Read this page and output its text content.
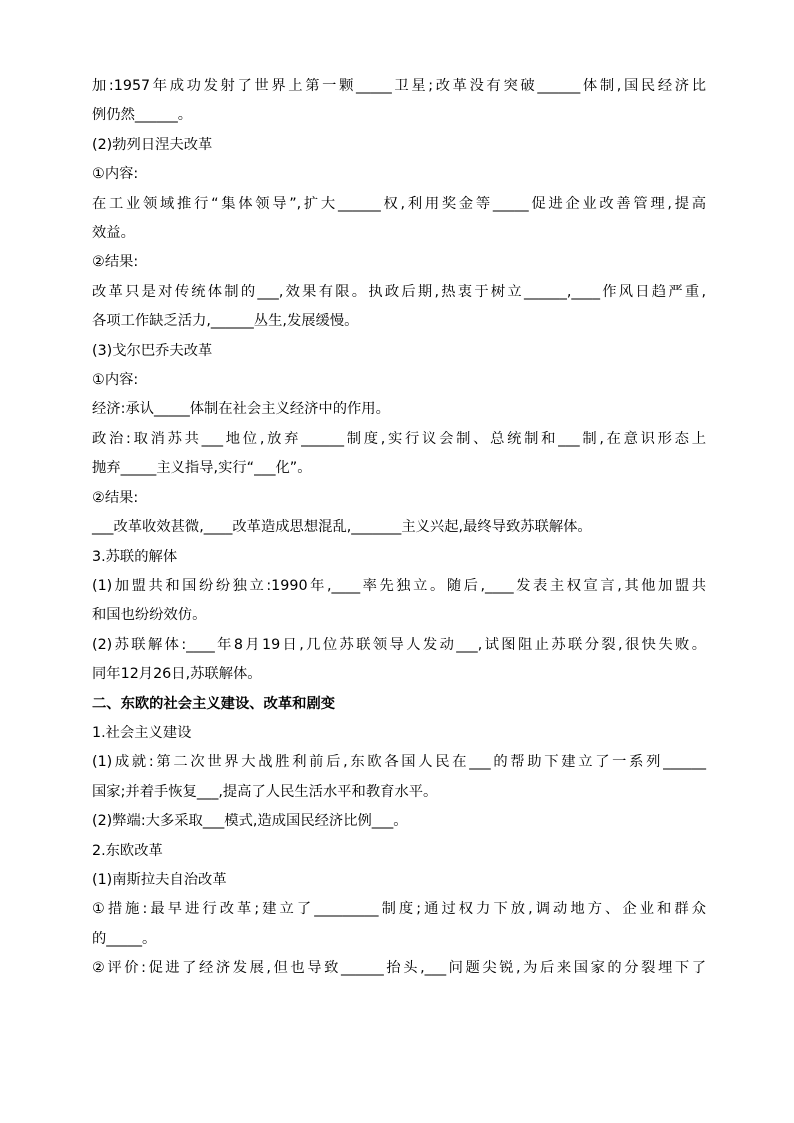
加:1957年成功发射了世界上第一颗_____卫星;改革没有突破______体制,国民经济比

例仍然______。

(2)勃列日涅夫改革

①内容:

在工业领域推行“集体领导”,扩大______权,利用奖金等_____促进企业改善管理,提高

效益。

②结果:

改革只是对传统体制的___,效果有限。执政后期,热衷于树立______,____作风日趋严重,

各项工作缺乏活力,______丛生,发展缓慢。

(3)戈尔巴乔夫改革

①内容:

经济:承认_____体制在社会主义经济中的作用。

政治:取消苏共___地位,放弃______制度,实行议会制、总统制和___制,在意识形态上

抛弃_____主义指导,实行“___化”。

②结果:

___改革收效甚微,____改革造成思想混乱,_______主义兴起,最终导致苏联解体。

3.苏联的解体

(1)加盟共和国纷纷独立:1990年,____率先独立。随后,____发表主权宣言,其他加盟共

和国也纷纷效仿。

(2)苏联解体:____年8月19日,几位苏联领导人发动___,试图阻止苏联分裂,很快失败。

同年12月26日,苏联解体。

二、东欧的社会主义建设、改革和剧变

1.社会主义建设

(1)成就:第二次世界大战胜利前后,东欧各国人民在___的帮助下建立了一系列______

国家;并着手恢复___,提高了人民生活水平和教育水平。

(2)弊端:大多采取___模式,造成国民经济比例___。

2.东欧改革

(1)南斯拉夫自治改革

①措施:最早进行改革;建立了_________制度;通过权力下放,调动地方、企业和群众

的_____。

②评价:促进了经济发展,但也导致______抬头,___问题尖锐,为后来国家的分裂埋下了
